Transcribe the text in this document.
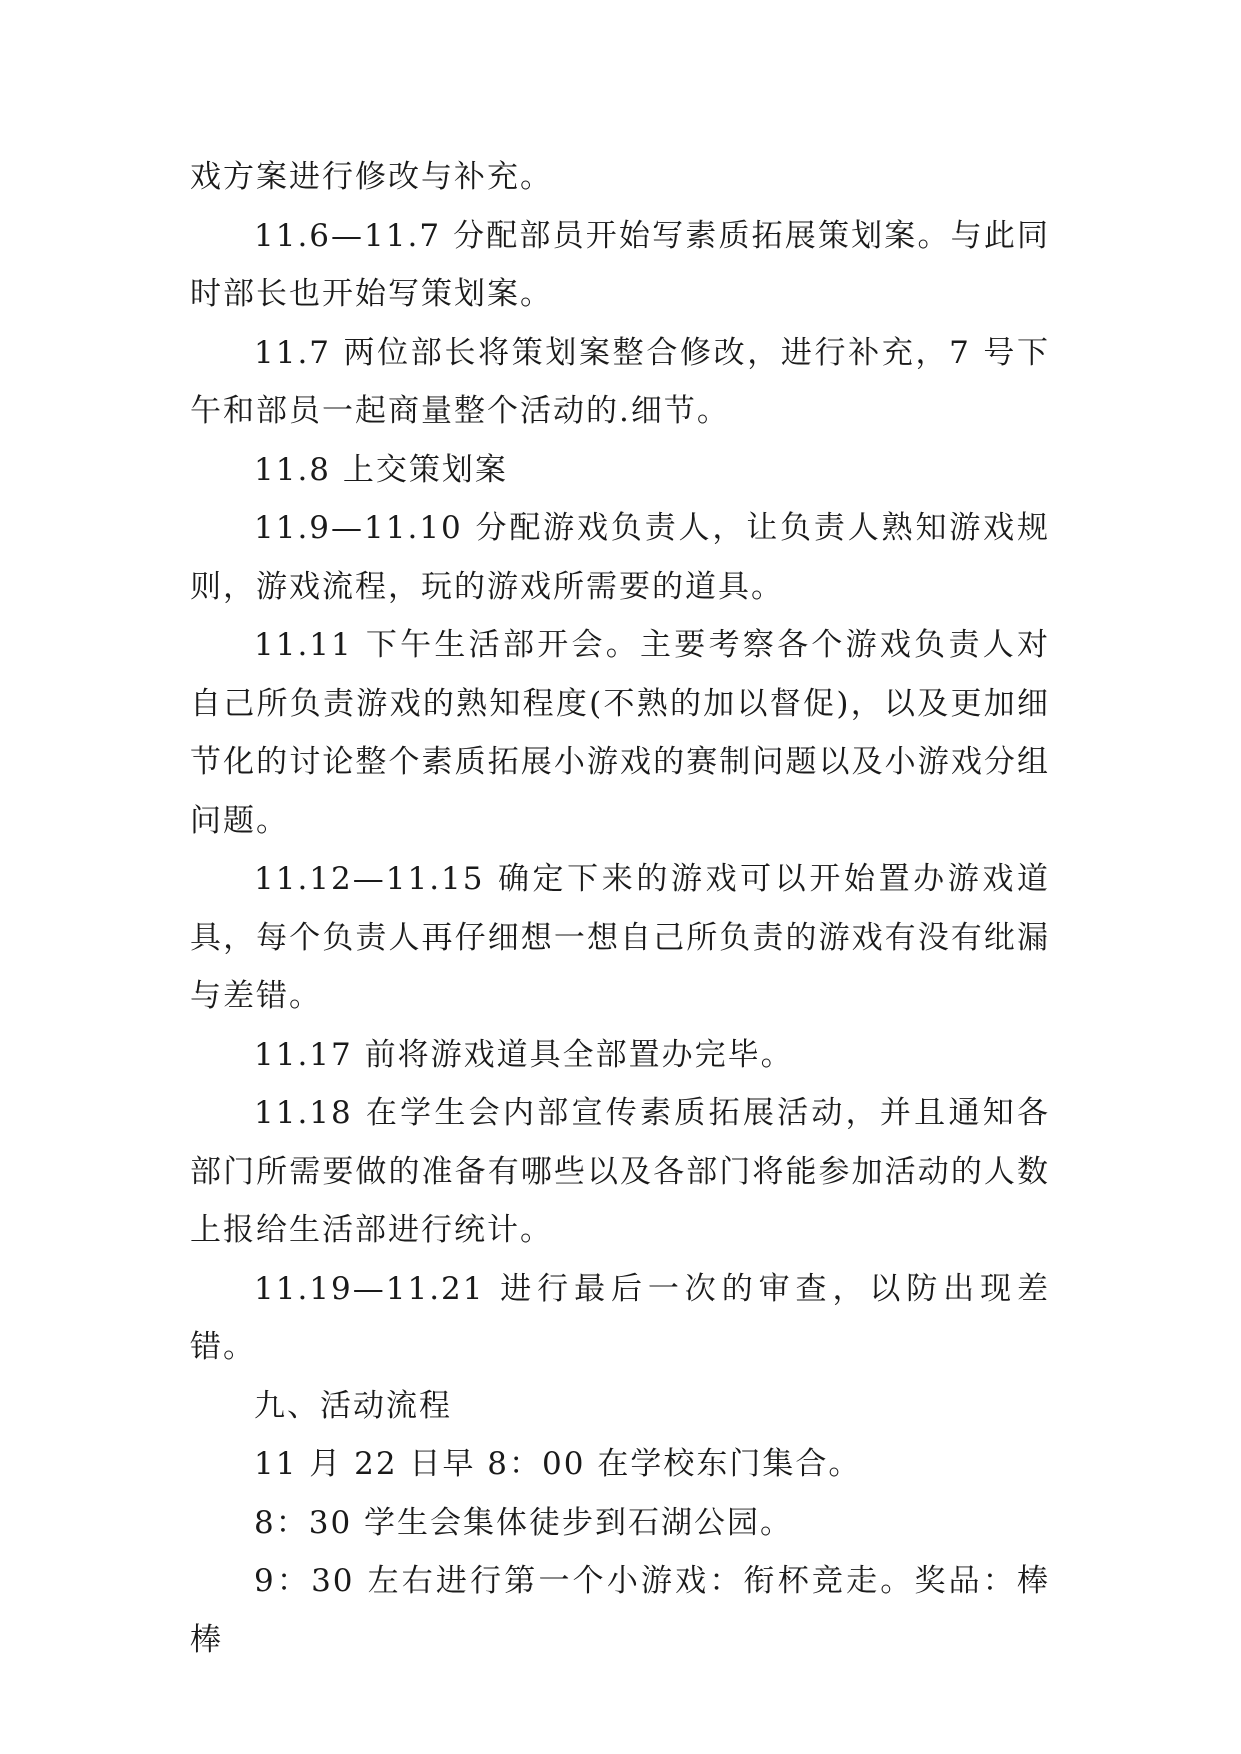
戏方案进行修改与补充。

11.6—11.7 分配部员开始写素质拓展策划案。与此同时部长也开始写策划案。

11.7 两位部长将策划案整合修改，进行补充，7 号下午和部员一起商量整个活动的.细节。

11.8 上交策划案

11.9—11.10 分配游戏负责人，让负责人熟知游戏规则，游戏流程，玩的游戏所需要的道具。

11.11 下午生活部开会。主要考察各个游戏负责人对自己所负责游戏的熟知程度(不熟的加以督促)，以及更加细节化的讨论整个素质拓展小游戏的赛制问题以及小游戏分组问题。

11.12—11.15 确定下来的游戏可以开始置办游戏道具，每个负责人再仔细想一想自己所负责的游戏有没有纰漏与差错。

11.17 前将游戏道具全部置办完毕。

11.18 在学生会内部宣传素质拓展活动，并且通知各部门所需要做的准备有哪些以及各部门将能参加活动的人数上报给生活部进行统计。

11.19—11.21 进行最后一次的审查，以防出现差错。

九、活动流程

11 月 22 日早 8：00 在学校东门集合。

8：30 学生会集体徒步到石湖公园。

9：30 左右进行第一个小游戏：衔杯竞走。奖品：棒棒
